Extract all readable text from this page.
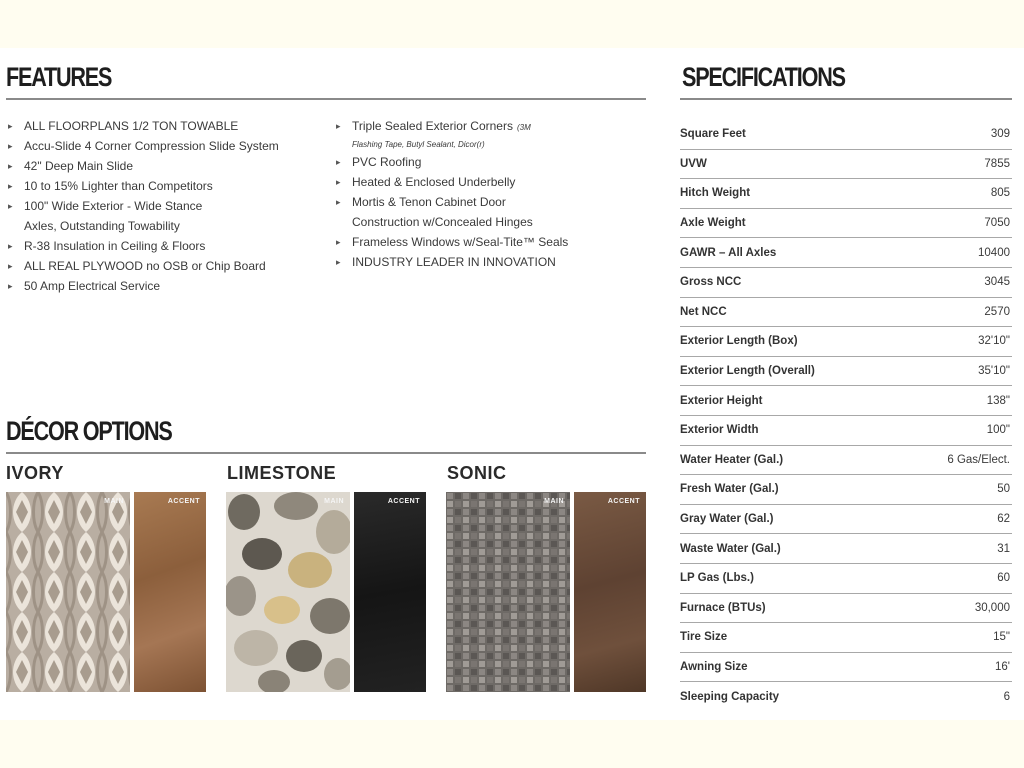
FEATURES
▸ ALL FLOORPLANS 1/2 TON TOWABLE
▸ Accu-Slide 4 Corner Compression Slide System
▸ 42" Deep Main Slide
▸ 10 to 15% Lighter than Competitors
▸ 100" Wide Exterior - Wide Stance
Axles, Outstanding Towability
▸ R-38 Insulation in Ceiling & Floors
▸ ALL REAL PLYWOOD no OSB or Chip Board
▸ 50 Amp Electrical Service
▸ Triple Sealed Exterior Corners (3M
Flashing Tape, Butyl Sealant, Dicor(r)
▸ PVC Roofing
▸ Heated & Enclosed Underbelly
▸ Mortis & Tenon Cabinet Door
Construction w/Concealed Hinges
▸ Frameless Windows w/Seal-Tite™ Seals
▸ INDUSTRY LEADER IN INNOVATION
DÉCOR OPTIONS
IVORY	LIMESTONE	SONIC
MAIN	ACCENT	MAIN	ACCENT	MAIN	ACCENT
SPECIFICATIONS
Square Feet	309
UVW	7855
Hitch Weight	805
Axle Weight	7050
GAWR – All Axles	10400
Gross NCC	3045
Net NCC	2570
Exterior Length (Box)	32'10"
Exterior Length (Overall)	35'10"
Exterior Height	138"
Exterior Width	100"
Water Heater (Gal.)	6 Gas/Elect.
Fresh Water (Gal.)	50
Gray Water (Gal.)	62
Waste Water (Gal.)	31
LP Gas (Lbs.)	60
Furnace (BTUs)	30,000
Tire Size	15"
Awning Size	16'
Sleeping Capacity	6
